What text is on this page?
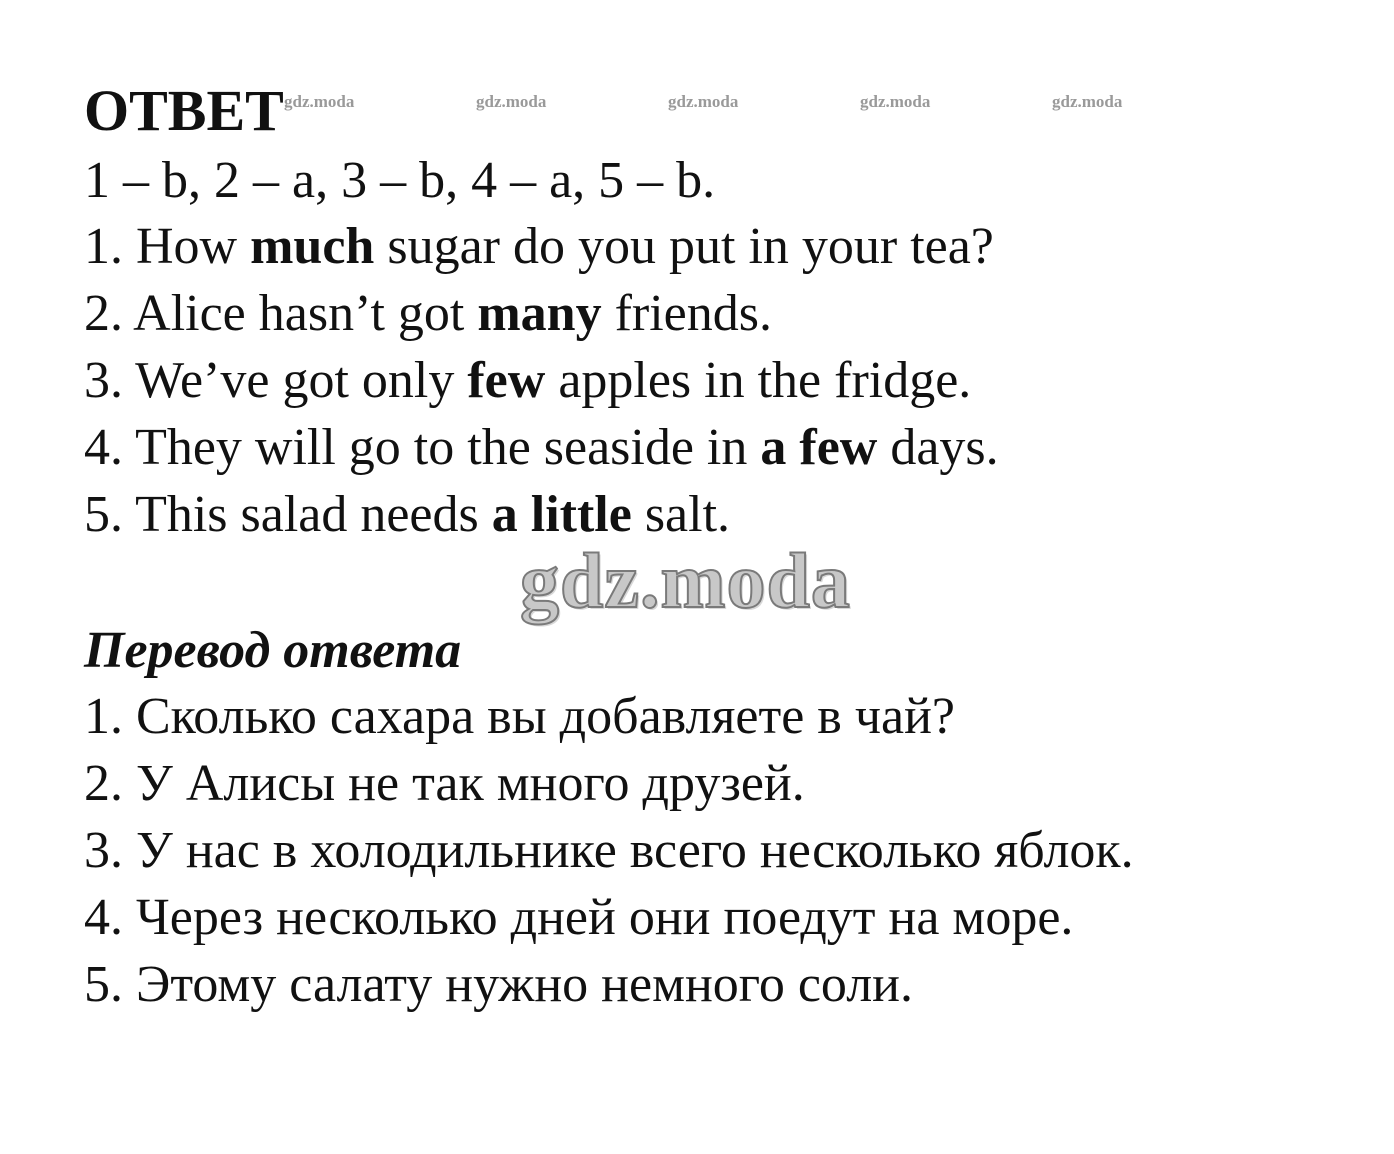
ОТВЕТ gdz.moda	gdz.moda	gdz.moda	gdz.moda	gdz.moda
1 – b, 2 – a, 3 – b, 4 – a, 5 – b.
1. How much sugar do you put in your tea?
2. Alice hasn’t got many friends.
3. We’ve got only few apples in the fridge.
4. They will go to the seaside in a few days.
5. This salad needs a little salt.
gdz.moda
Перевод ответа
1. Сколько сахара вы добавляете в чай?
2. У Алисы не так много друзей.
3. У нас в холодильнике всего несколько яблок.
4. Через несколько дней они поедут на море.
5. Этому салату нужно немного соли.
